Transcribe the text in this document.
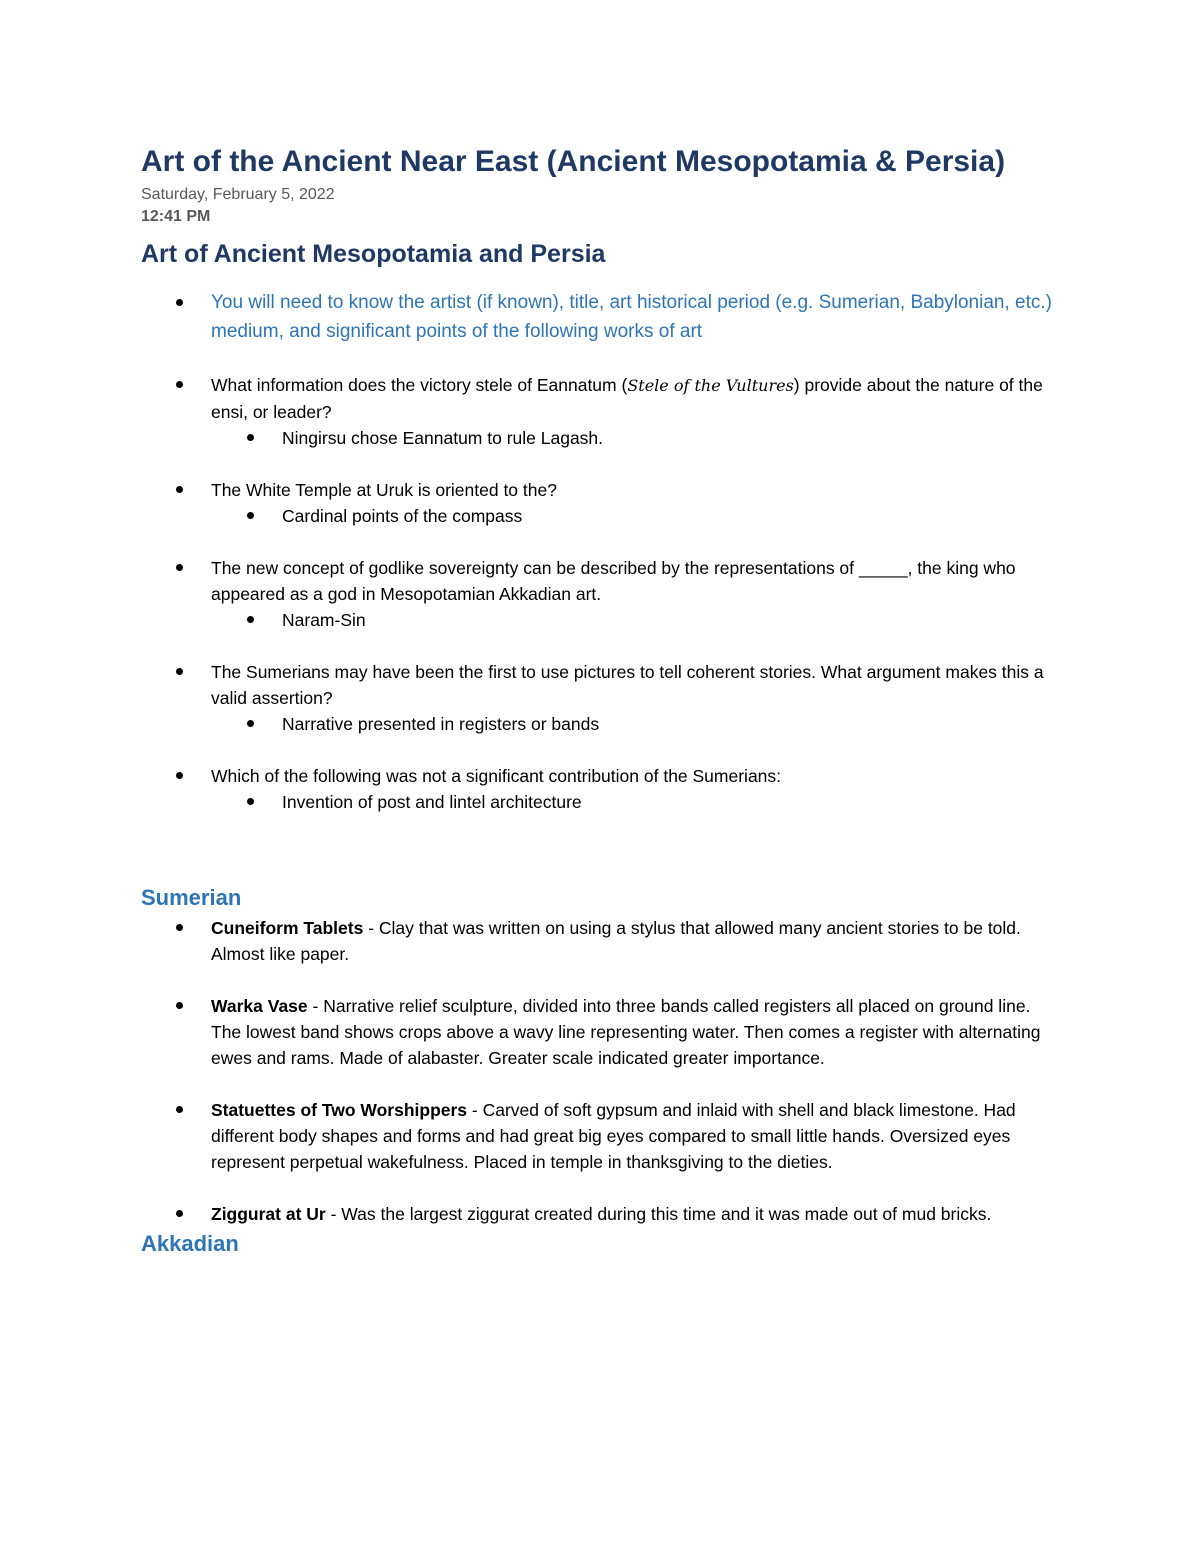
Art of the Ancient Near East (Ancient Mesopotamia & Persia)
Saturday, February 5, 2022
12:41 PM
Art of Ancient Mesopotamia and Persia
You will need to know the artist (if known), title, art historical period (e.g. Sumerian, Babylonian, etc.) medium, and significant points of the following works of art
What information does the victory stele of Eannatum (Stele of the Vultures) provide about the nature of the ensi, or leader?
Ningirsu chose Eannatum to rule Lagash.
The White Temple at Uruk is oriented to the?
Cardinal points of the compass
The new concept of godlike sovereignty can be described by the representations of _____, the king who appeared as a god in Mesopotamian Akkadian art.
Naram-Sin
The Sumerians may have been the first to use pictures to tell coherent stories. What argument makes this a valid assertion?
Narrative presented in registers or bands
Which of the following was not a significant contribution of the Sumerians:
Invention of post and lintel architecture
Sumerian
Cuneiform Tablets - Clay that was written on using a stylus that allowed many ancient stories to be told. Almost like paper.
Warka Vase - Narrative relief sculpture, divided into three bands called registers all placed on ground line. The lowest band shows crops above a wavy line representing water. Then comes a register with alternating ewes and rams. Made of alabaster. Greater scale indicated greater importance.
Statuettes of Two Worshippers - Carved of soft gypsum and inlaid with shell and black limestone. Had different body shapes and forms and had great big eyes compared to small little hands. Oversized eyes represent perpetual wakefulness. Placed in temple in thanksgiving to the dieties.
Ziggurat at Ur - Was the largest ziggurat created during this time and it was made out of mud bricks.
Akkadian
